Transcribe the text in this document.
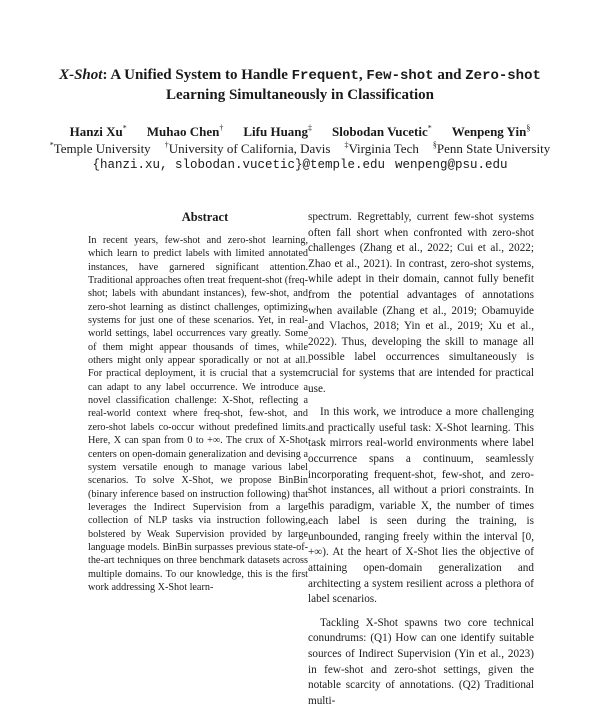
X-Shot: A Unified System to Handle Frequent, Few-shot and Zero-shot
Learning Simultaneously in Classification
Hanzi Xu* Muhao Chen† Lifu Huang‡ Slobodan Vucetic* Wenpeng Yin§
*Temple University †University of California, Davis ‡Virginia Tech §Penn State University
{hanzi.xu, slobodan.vucetic}@temple.edu wenpeng@psu.edu
Abstract

In recent years, few-shot and zero-shot learning, which learn to predict labels with limited annotated instances, have garnered significant attention. Traditional approaches often treat frequent-shot (freq-shot; labels with abundant instances), few-shot, and zero-shot learning as distinct challenges, optimizing systems for just one of these scenarios. Yet, in real-world settings, label occurrences vary greatly. Some of them might appear thousands of times, while others might only appear sporadically or not at all. For practical deployment, it is crucial that a system can adapt to any label occurrence. We introduce a novel classification challenge: X-Shot, reflecting a real-world context where freq-shot, few-shot, and zero-shot labels co-occur without predefined limits. Here, X can span from 0 to +∞. The crux of X-Shot centers on open-domain generalization and devising a system versatile enough to manage various label scenarios. To solve X-Shot, we propose BinBin (binary inference based on instruction following) that leverages the Indirect Supervision from a large collection of NLP tasks via instruction following, bolstered by Weak Supervision provided by large language models. BinBin surpasses previous state-of-the-art techniques on three benchmark datasets across multiple domains. To our knowledge, this is the first work addressing X-Shot learn-

spectrum. Regrettably, current few-shot systems often fall short when confronted with zero-shot challenges (Zhang et al., 2022; Cui et al., 2022; Zhao et al., 2021). In contrast, zero-shot systems, while adept in their domain, cannot fully benefit from the potential advantages of annotations when available (Zhang et al., 2019; Obamuyide and Vlachos, 2018; Yin et al., 2019; Xu et al., 2022). Thus, developing the skill to manage all possible label occurrences simultaneously is crucial for systems that are intended for practical use.

In this work, we introduce a more challenging and practically useful task: X-Shot learning. This task mirrors real-world environments where label occurrence spans a continuum, seamlessly incorporating frequent-shot, few-shot, and zero-shot instances, all without a priori constraints. In this paradigm, variable X, the number of times each label is seen during the training, is unbounded, ranging freely within the interval [0, +∞). At the heart of X-Shot lies the objective of attaining open-domain generalization and architecting a system resilient across a plethora of label scenarios.

Tackling X-Shot spawns two core technical conundrums: (Q1) How can one identify suitable sources of Indirect Supervision (Yin et al., 2023) in few-shot and zero-shot settings, given the notable scarcity of annotations. (Q2) Traditional multi-
